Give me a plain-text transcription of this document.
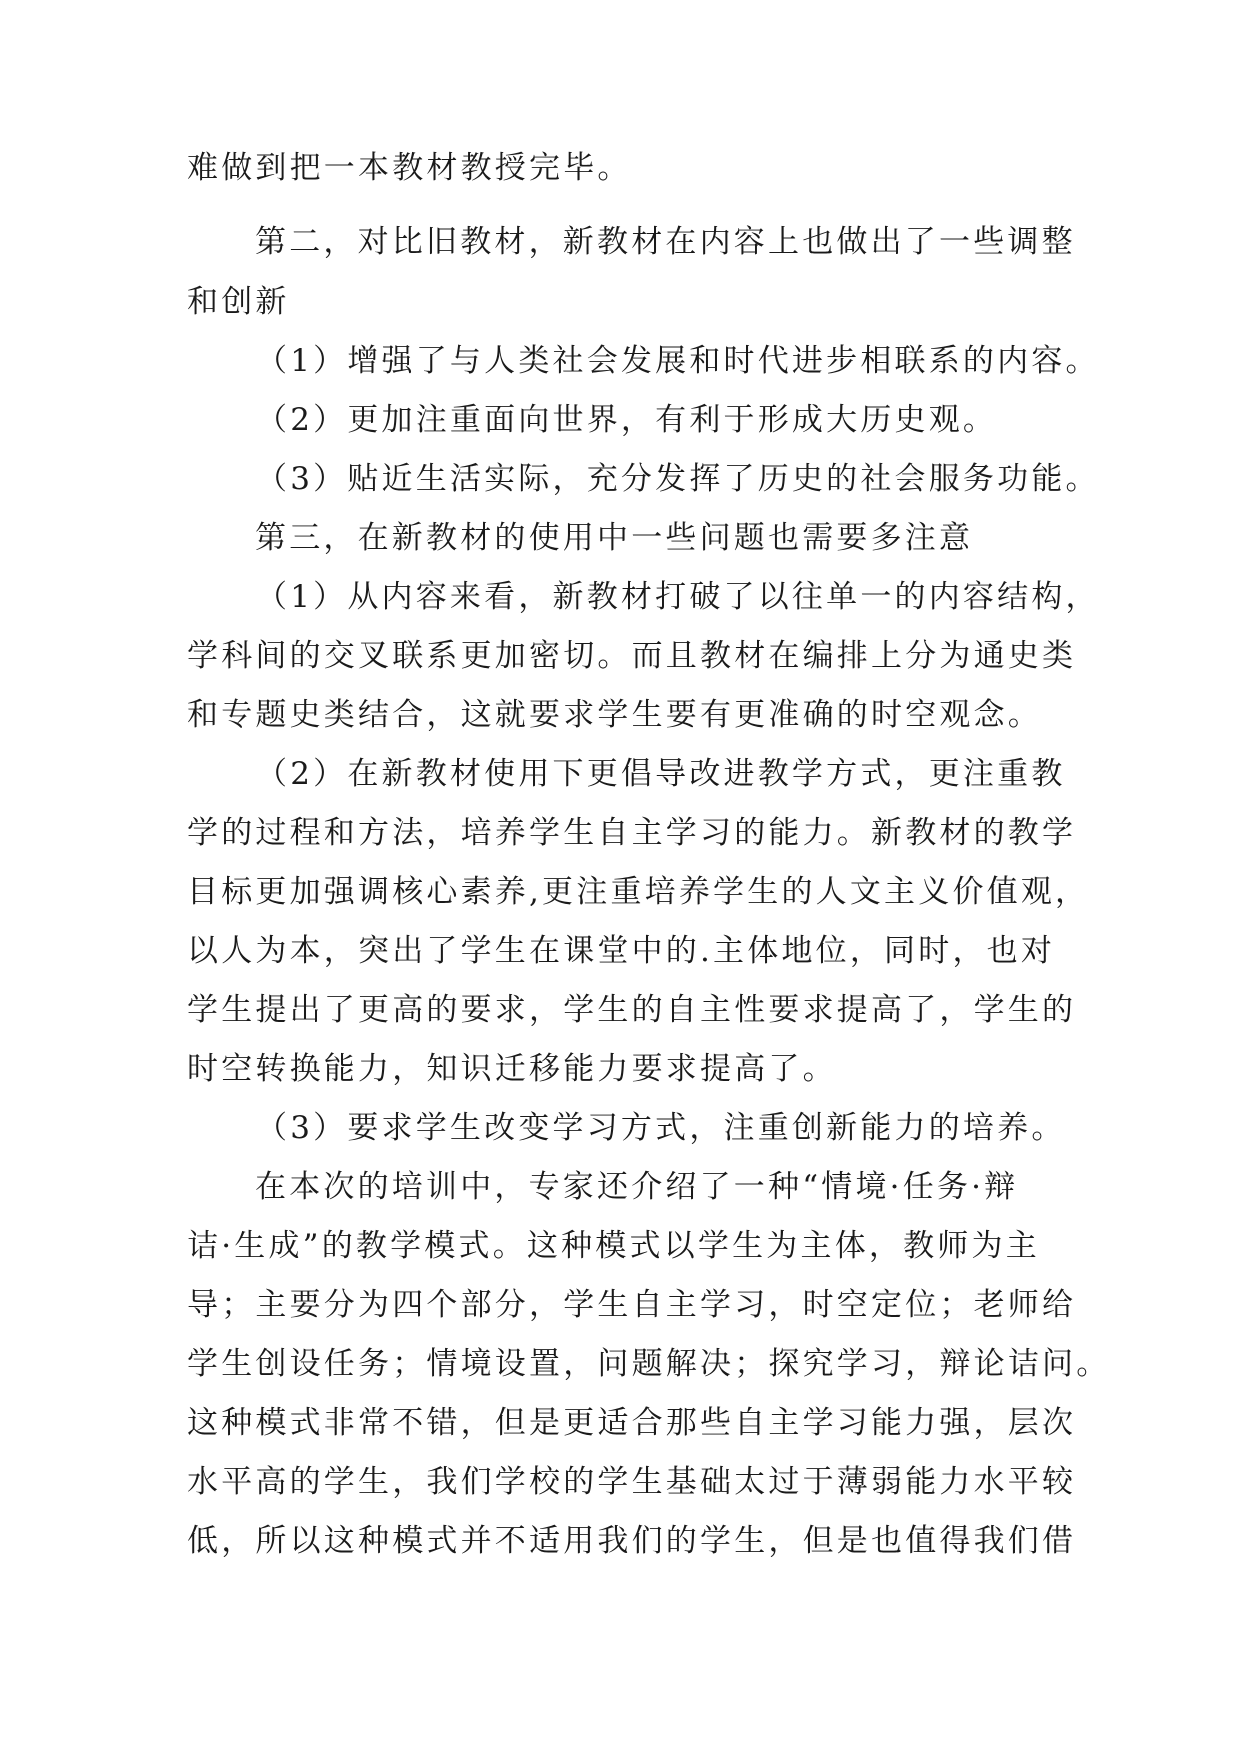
难做到把一本教材教授完毕。

第二，对比旧教材，新教材在内容上也做出了一些调整

和创新

（1）增强了与人类社会发展和时代进步相联系的内容。

（2）更加注重面向世界，有利于形成大历史观。

（3）贴近生活实际，充分发挥了历史的社会服务功能。

第三，在新教材的使用中一些问题也需要多注意

（1）从内容来看，新教材打破了以往单一的内容结构，

学科间的交叉联系更加密切。而且教材在编排上分为通史类

和专题史类结合，这就要求学生要有更准确的时空观念。

（2）在新教材使用下更倡导改进教学方式，更注重教

学的过程和方法，培养学生自主学习的能力。新教材的教学

目标更加强调核心素养,更注重培养学生的人文主义价值观，

以人为本，突出了学生在课堂中的.主体地位，同时，也对

学生提出了更高的要求，学生的自主性要求提高了，学生的

时空转换能力，知识迁移能力要求提高了。

（3）要求学生改变学习方式，注重创新能力的培养。

在本次的培训中，专家还介绍了一种“情境·任务·辩

诘·生成”的教学模式。这种模式以学生为主体，教师为主

导；主要分为四个部分，学生自主学习，时空定位；老师给

学生创设任务；情境设置，问题解决；探究学习，辩论诘问。

这种模式非常不错，但是更适合那些自主学习能力强，层次

水平高的学生，我们学校的学生基础太过于薄弱能力水平较

低，所以这种模式并不适用我们的学生，但是也值得我们借
